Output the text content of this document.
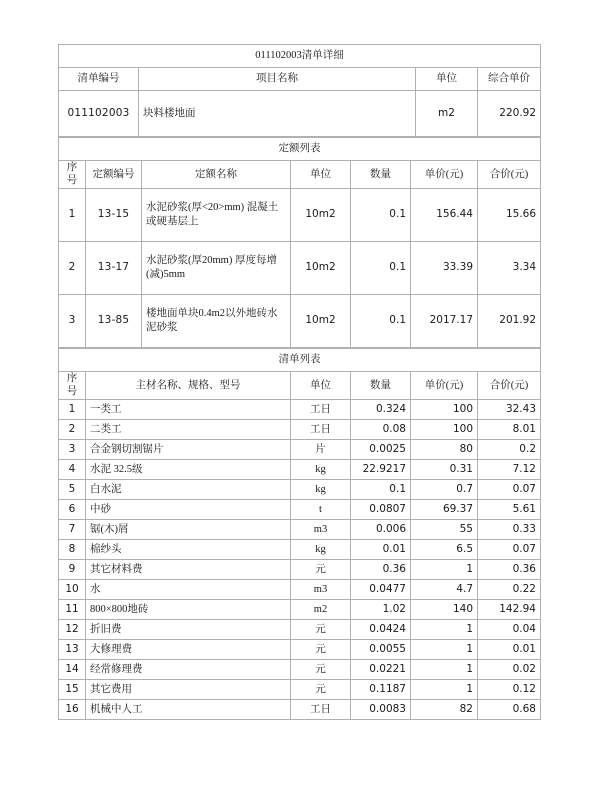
011102003清单详细			
清单编号	项目名称	单位	综合单价
011102003	块料楼地面	m2	220.92
定额列表						
序号	定额编号	定额名称	单位	数量	单价(元)	合价(元)
1	13-15	水泥砂浆(厚<20>mm) 混凝土或硬基层上	10m2	0.1	156.44	15.66
2	13-17	水泥砂浆(厚20mm) 厚度每增(减)5mm	10m2	0.1	33.39	3.34
3	13-85	楼地面单块0.4m2以外地砖水泥砂浆	10m2	0.1	2017.17	201.92
清单列表					
序号	主材名称、规格、型号	单位	数量	单价(元)	合价(元)
1	一类工	工日	0.324	100	32.43
2	二类工	工日	0.08	100	8.01
3	合金钢切割锯片	片	0.0025	80	0.2
4	水泥 32.5级	kg	22.9217	0.31	7.12
5	白水泥	kg	0.1	0.7	0.07
6	中砂	t	0.0807	69.37	5.61
7	锯(木)屑	m3	0.006	55	0.33
8	棉纱头	kg	0.01	6.5	0.07
9	其它材料费	元	0.36	1	0.36
10	水	m3	0.0477	4.7	0.22
11	800×800地砖	m2	1.02	140	142.94
12	折旧费	元	0.0424	1	0.04
13	大修理费	元	0.0055	1	0.01
14	经常修理费	元	0.0221	1	0.02
15	其它费用	元	0.1187	1	0.12
16	机械中人工	工日	0.0083	82	0.68
